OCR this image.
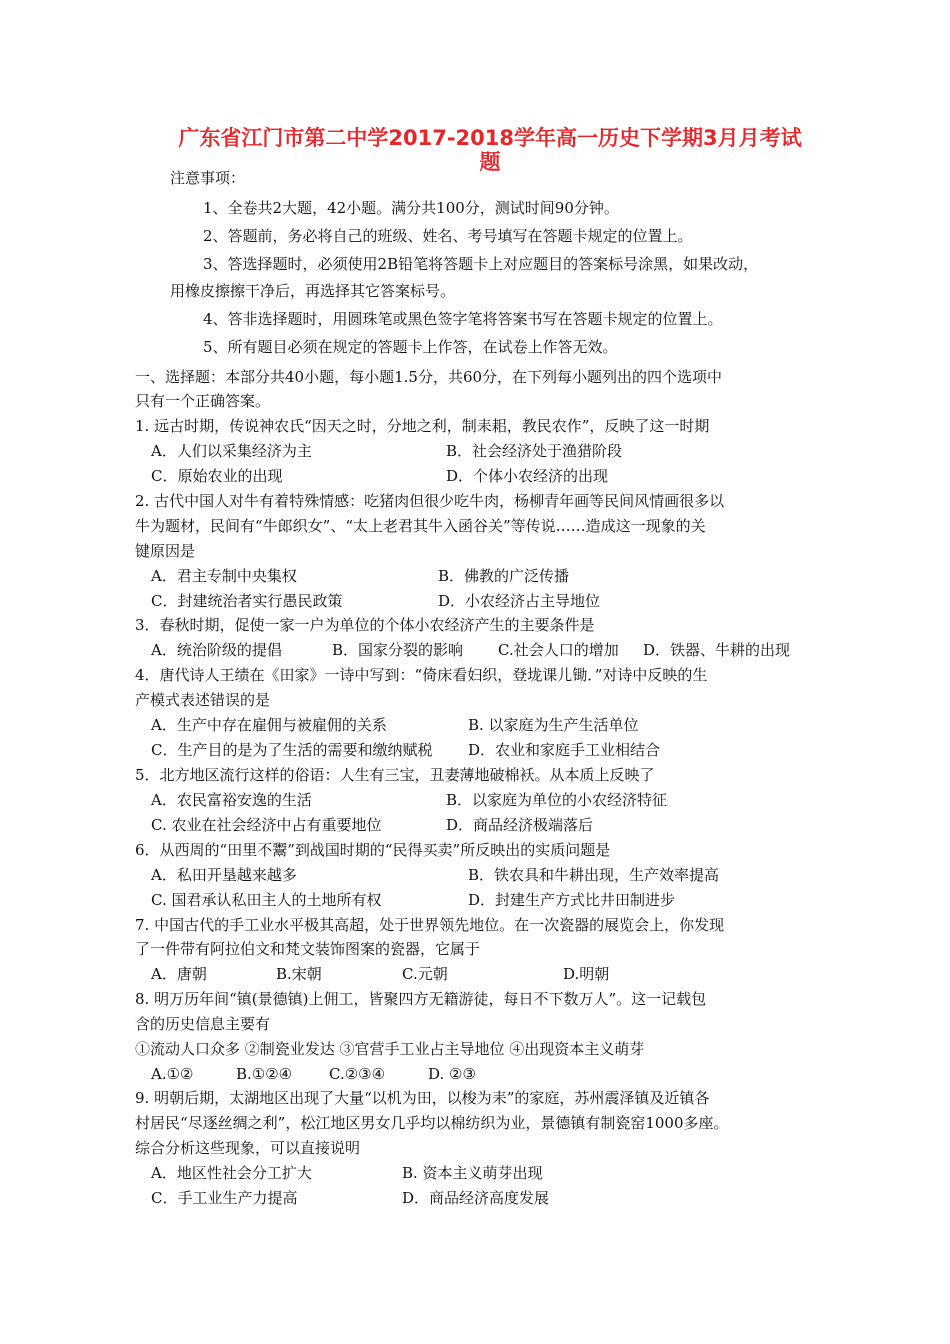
广东省江门市第二中学2017-2018学年高一历史下学期3月月考试
题
注意事项：
1、全卷共2大题，42小题。满分共100分，测试时间90分钟。
2、答题前，务必将自己的班级、姓名、考号填写在答题卡规定的位置上。
3、答选择题时，必须使用2B铅笔将答题卡上对应题目的答案标号涂黑，如果改动，
用橡皮擦擦干净后，再选择其它答案标号。
4、答非选择题时，用圆珠笔或黑色签字笔将答案书写在答题卡规定的位置上。
5、所有题目必须在规定的答题卡上作答，在试卷上作答无效。
一、选择题：本部分共40小题，每小题1.5分，共60分，在下列每小题列出的四个选项中
只有一个正确答案。
1. 远古时期，传说神农氏“因天之时，分地之利，制耒耜，教民农作”，反映了这一时期
A．人们以采集经济为主	B．社会经济处于渔猎阶段
C．原始农业的出现	D．个体小农经济的出现
2. 古代中国人对牛有着特殊情感：吃猪肉但很少吃牛肉，杨柳青年画等民间风情画很多以
牛为题材，民间有“牛郎织女”、“太上老君其牛入函谷关”等传说……造成这一现象的关
键原因是
A．君主专制中央集权	B．佛教的广泛传播
C．封建统治者实行愚民政策	D．小农经济占主导地位
3．春秋时期，促使一家一户为单位的个体小农经济产生的主要条件是
A．统治阶级的提倡	B．国家分裂的影响 C.社会人口的增加 D．铁器、牛耕的出现
4．唐代诗人王绩在《田家》一诗中写到：“倚床看妇织，登垅课儿锄．”对诗中反映的生
产模式表述错误的是
A．生产中存在雇佣与被雇佣的关系	B. 以家庭为生产生活单位
C．生产目的是为了生活的需要和缴纳赋税 D．农业和家庭手工业相结合
5．北方地区流行这样的俗语：人生有三宝，丑妻薄地破棉袄。从本质上反映了
A．农民富裕安逸的生活	B．以家庭为单位的小农经济特征
C. 农业在社会经济中占有重要地位	D．商品经济极端落后
6．从西周的“田里不鬻”到战国时期的“民得买卖”所反映出的实质问题是
A．私田开垦越来越多	B．铁农具和牛耕出现，生产效率提高
C. 国君承认私田主人的土地所有权	D．封建生产方式比井田制进步
7. 中国古代的手工业水平极其高超，处于世界领先地位。在一次瓷器的展览会上，你发现
了一件带有阿拉伯文和梵文装饰图案的瓷器，它属于
A．唐朝	B.宋朝	C.元朝	D.明朝
8. 明万历年间“镇(景德镇)上佣工，皆聚四方无籍游徒，每日不下数万人”。这一记载包
含的历史信息主要有
①流动人口众多 ②制瓷业发达 ③官营手工业占主导地位 ④出现资本主义萌芽
A.①②	B.①②④ C.②③④	D. ②③
9. 明朝后期，太湖地区出现了大量“以机为田，以梭为耒”的家庭，苏州震泽镇及近镇各
村居民“尽逐丝绸之利”，松江地区男女几乎均以棉纺织为业，景德镇有制瓷窑1000多座。
综合分析这些现象，可以直接说明
A．地区性社会分工扩大	B. 资本主义萌芽出现
C．手工业生产力提高	D．商品经济高度发展
